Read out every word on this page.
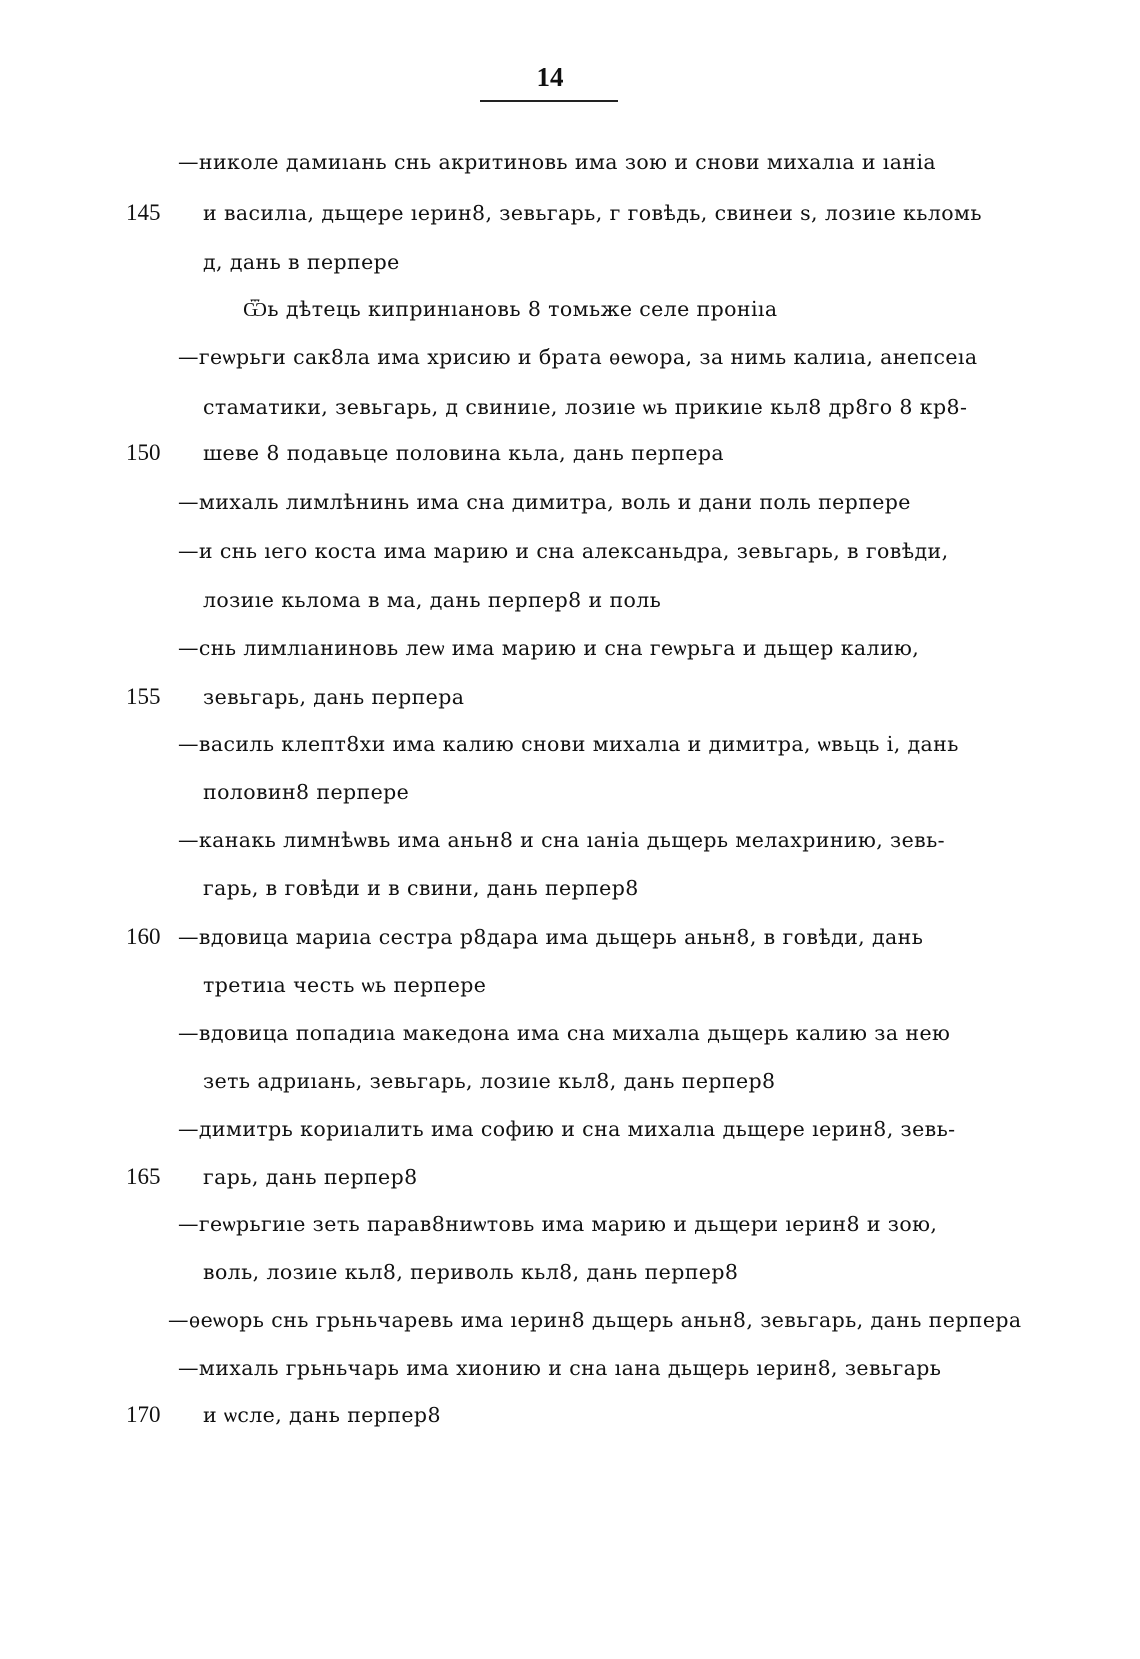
14
—николе дамиıань снь акритиновь има зою и снови михалıа и ıаніа
и василıа, дьщере ıерин8, зевьгарь, г говѣдь, свинеи s, лозиıе кьломь
д, дань в перпере
Ѿь дѣтець кипринıановь 8 томьже селе проніıа
—геѡрьги сак8ла има хрисию и брата ѳеѡора, за нимь калиıа, анепсеıа
стаматики, зевьгарь, д свиниıе, лозиıе ѡь прикиıе кьл8 др8го 8 кр8-
шеве 8 подавьце половина кьла, дань перпера
—михаль лимлѣнинь има сна димитра, воль и дани поль перпере
—и снь ıего коста има марию и сна алексаньдра, зевьгарь, в говѣди,
лозиıе кьлома в ма, дань перпер8 и поль
—снь лимлıаниновь леѡ има марию и сна геѡрьга и дьщер калию,
зевьгарь, дань перпера
—василь клепт8хи има калию снови михалıа и димитра, ѡвьць і, дань
половин8 перпере
—канакь лимнѣѡвь има аньн8 и сна ıаніа дьщерь мелахринию, зевь-
гарь, в говѣди и в свини, дань перпер8
—вдовица мариıа сестра р8дара има дьщерь аньн8, в говѣди, дань
третиıа честь ѡь перпере
—вдовица попадиıа македона има сна михалıа дьщерь калию за нею
зеть адриıань, зевьгарь, лозиıе кьл8, дань перпер8
—димитрь кориıалить има софию и сна михалıа дьщере ıерин8, зевь-
гарь, дань перпер8
—геѡрьгиıе зеть парав8ниѡтовь има марию и дьщери ıерин8 и зою,
воль, лозиıе кьл8, периволь кьл8, дань перпер8
—ѳеѡорь снь грьньчаревь има ıерин8 дьщерь аньн8, зевьгарь, дань перпера
—михаль грьньчарь има хионию и сна ıана дьщерь ıерин8, зевьгарь
и ѡсле, дань перпер8
145
150
155
160
165
170
